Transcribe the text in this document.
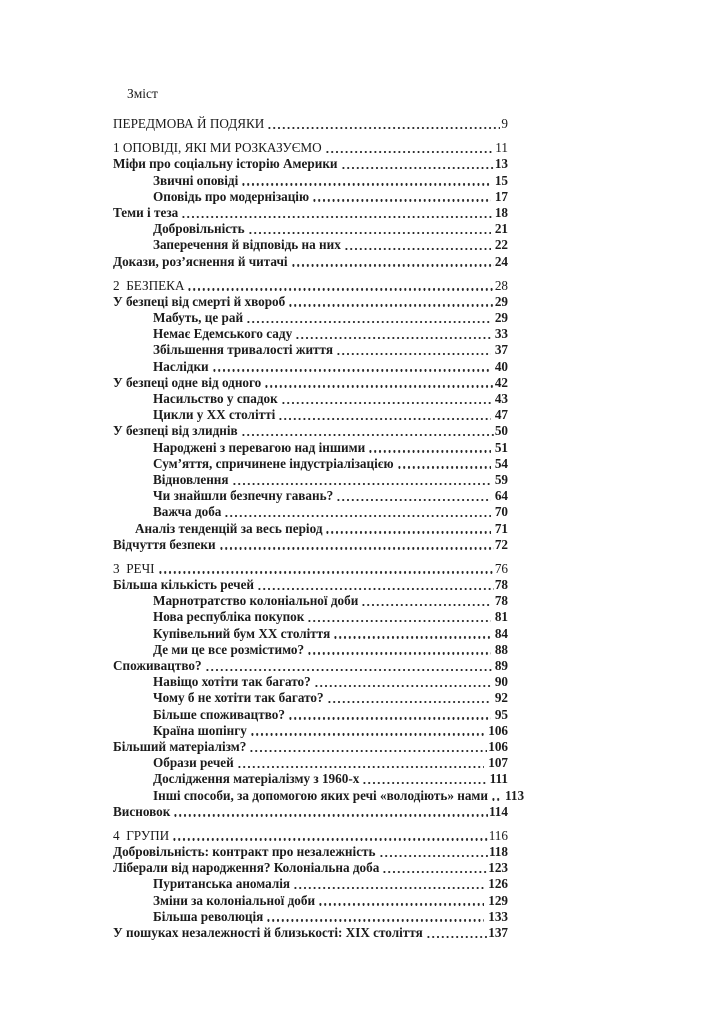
Зміст
ПЕРЕДМОВА Й ПОДЯКИ	9
1 ОПОВІДІ, ЯКІ МИ РОЗКАЗУЄМО	11
Міфи про соціальну історію Америки	13
Звичні оповіді	15
Оповідь про модернізацію	17
Теми і теза	18
Добровільність	21
Заперечення й відповідь на них	22
Докази, роз’яснення й читачі	24
2  БЕЗПЕКА	28
У безпеці від смерті й хвороб	29
Мабуть, це рай	29
Немає Едемського саду	33
Збільшення тривалості життя	37
Наслідки	40
У безпеці одне від одного	42
Насильство у спадок	43
Цикли у XX столітті	47
У безпеці від злиднів	50
Народжені з перевагою над іншими	51
Сум’яття, спричинене індустріалізацією	54
Відновлення	59
Чи знайшли безпечну гавань?	64
Важча доба	70
Аналіз тенденцій за весь період	71
Відчуття безпеки	72
3  РЕЧІ	76
Більша кількість речей	78
Марнотратство колоніальної доби	78
Нова республіка покупок	81
Купівельний бум XX століття	84
Де ми це все розмістимо?	88
Споживацтво?	89
Навіщо хотіти так багато?	90
Чому б не хотіти так багато?	92
Більше споживацтво?	95
Країна шопінгу	106
Більший матеріалізм?	106
Образи речей	107
Дослідження матеріалізму з 1960-х	111
Інші способи, за допомогою яких речі «володіють» нами 113
Висновок	114
4  ГРУПИ	116
Добровільність: контракт про незалежність	118
Ліберали від народження? Колоніальна доба	123
Пуританська аномалія	126
Зміни за колоніальної доби	129
Більша революція	133
У пошуках незалежності й близькості: XIX століття	137
